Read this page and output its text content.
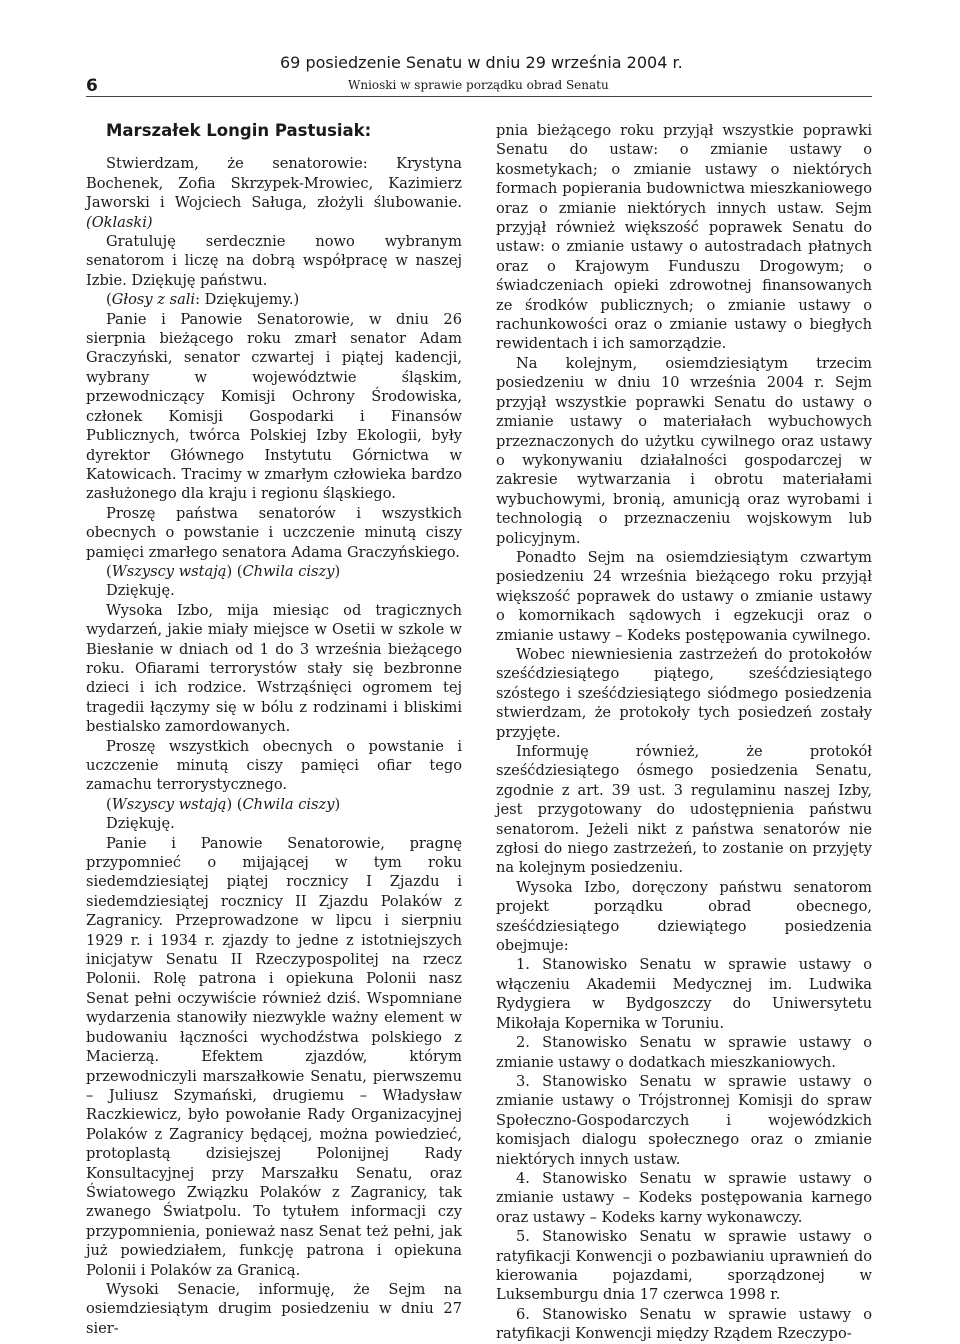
6
69 posiedzenie Senatu w dniu 29 września 2004 r.
Wnioski w sprawie porządku obrad Senatu
Marszałek Longin Pastusiak:

Stwierdzam, że senatorowie: Krystyna Bochenek, Zofia Skrzypek-Mrowiec, Kazimierz Jaworski i Wojciech Saługa, złożyli ślubowanie. (Oklaski)

Gratuluję serdecznie nowo wybranym senatorom i liczę na dobrą współpracę w naszej Izbie. Dziękuję państwu.

(Głosy z sali: Dziękujemy.)

Panie i Panowie Senatorowie, w dniu 26 sierpnia bieżącego roku zmarł senator Adam Graczyński, senator czwartej i piątej kadencji, wybrany w województwie śląskim, przewodniczący Komisji Ochrony Środowiska, członek Komisji Gospodarki i Finansów Publicznych, twórca Polskiej Izby Ekologii, były dyrektor Głównego Instytutu Górnictwa w Katowicach. Tracimy w zmarłym człowieka bardzo zasłużonego dla kraju i regionu śląskiego.

Proszę państwa senatorów i wszystkich obecnych o powstanie i uczczenie minutą ciszy pamięci zmarłego senatora Adama Graczyńskiego.

(Wszyscy wstają) (Chwila ciszy)

Dziękuję.

Wysoka Izbo, mija miesiąc od tragicznych wydarzeń, jakie miały miejsce w Osetii w szkole w Biesłanie w dniach od 1 do 3 września bieżącego roku. Ofiarami terrorystów stały się bezbronne dzieci i ich rodzice. Wstrząśnięci ogromem tej tragedii łączymy się w bólu z rodzinami i bliskimi bestialsko zamordowanych.

Proszę wszystkich obecnych o powstanie i uczczenie minutą ciszy pamięci ofiar tego zamachu terrorystycznego.

(Wszyscy wstają) (Chwila ciszy)

Dziękuję.

Panie i Panowie Senatorowie, pragnę przypomnieć o mijającej w tym roku siedemdziesiątej piątej rocznicy I Zjazdu i siedemdziesiątej rocznicy II Zjazdu Polaków z Zagranicy. Przeprowadzone w lipcu i sierpniu 1929 r. i 1934 r. zjazdy to jedne z istotniejszych inicjatyw Senatu II Rzeczypospolitej na rzecz Polonii. Rolę patrona i opiekuna Polonii nasz Senat pełni oczywiście również dziś. Wspomniane wydarzenia stanowiły niezwykle ważny element w budowaniu łączności wychodźstwa polskiego z Macierzą. Efektem zjazdów, którym przewodniczyli marszałkowie Senatu, pierwszemu – Juliusz Szymański, drugiemu – Władysław Raczkiewicz, było powołanie Rady Organizacyjnej Polaków z Zagranicy będącej, można powiedzieć, protoplastą dzisiejszej Polonijnej Rady Konsultacyjnej przy Marszałku Senatu, oraz Światowego Związku Polaków z Zagranicy, tak zwanego Światpolu. To tytułem informacji czy przypomnienia, ponieważ nasz Senat też pełni, jak już powiedziałem, funkcję patrona i opiekuna Polonii i Polaków za Granicą.

Wysoki Senacie, informuję, że Sejm na osiemdziesiątym drugim posiedzeniu w dniu 27 sier-

pnia bieżącego roku przyjął wszystkie poprawki Senatu do ustaw: o zmianie ustawy o kosmetykach; o zmianie ustawy o niektórych formach popierania budownictwa mieszkaniowego oraz o zmianie niektórych innych ustaw. Sejm przyjął również większość poprawek Senatu do ustaw: o zmianie ustawy o autostradach płatnych oraz o Krajowym Funduszu Drogowym; o świadczeniach opieki zdrowotnej finansowanych ze środków publicznych; o zmianie ustawy o rachunkowości oraz o zmianie ustawy o biegłych rewidentach i ich samorządzie.

Na kolejnym, osiemdziesiątym trzecim posiedzeniu w dniu 10 września 2004 r. Sejm przyjął wszystkie poprawki Senatu do ustawy o zmianie ustawy o materiałach wybuchowych przeznaczonych do użytku cywilnego oraz ustawy o wykonywaniu działalności gospodarczej w zakresie wytwarzania i obrotu materiałami wybuchowymi, bronią, amunicją oraz wyrobami i technologią o przeznaczeniu wojskowym lub policyjnym.

Ponadto Sejm na osiemdziesiątym czwartym posiedzeniu 24 września bieżącego roku przyjął większość poprawek do ustawy o zmianie ustawy o komornikach sądowych i egzekucji oraz o zmianie ustawy – Kodeks postępowania cywilnego.

Wobec niewniesienia zastrzeżeń do protokołów sześćdziesiątego piątego, sześćdziesiątego szóstego i sześćdziesiątego siódmego posiedzenia stwierdzam, że protokoły tych posiedzeń zostały przyjęte.

Informuję również, że protokół sześćdziesiątego ósmego posiedzenia Senatu, zgodnie z art. 39 ust. 3 regulaminu naszej Izby, jest przygotowany do udostępnienia państwu senatorom. Jeżeli nikt z państwa senatorów nie zgłosi do niego zastrzeżeń, to zostanie on przyjęty na kolejnym posiedzeniu.

Wysoka Izbo, doręczony państwu senatorom projekt porządku obrad obecnego, sześćdziesiątego dziewiątego posiedzenia obejmuje:

1. Stanowisko Senatu w sprawie ustawy o włączeniu Akademii Medycznej im. Ludwika Rydygiera w Bydgoszczy do Uniwersytetu Mikołaja Kopernika w Toruniu.

2. Stanowisko Senatu w sprawie ustawy o zmianie ustawy o dodatkach mieszkaniowych.

3. Stanowisko Senatu w sprawie ustawy o zmianie ustawy o Trójstronnej Komisji do spraw Społeczno-Gospodarczych i wojewódzkich komisjach dialogu społecznego oraz o zmianie niektórych innych ustaw.

4. Stanowisko Senatu w sprawie ustawy o zmianie ustawy – Kodeks postępowania karnego oraz ustawy – Kodeks karny wykonawczy.

5. Stanowisko Senatu w sprawie ustawy o ratyfikacji Konwencji o pozbawianiu uprawnień do kierowania pojazdami, sporządzonej w Luksemburgu dnia 17 czerwca 1998 r.

6. Stanowisko Senatu w sprawie ustawy o ratyfikacji Konwencji między Rządem Rzeczypo-
